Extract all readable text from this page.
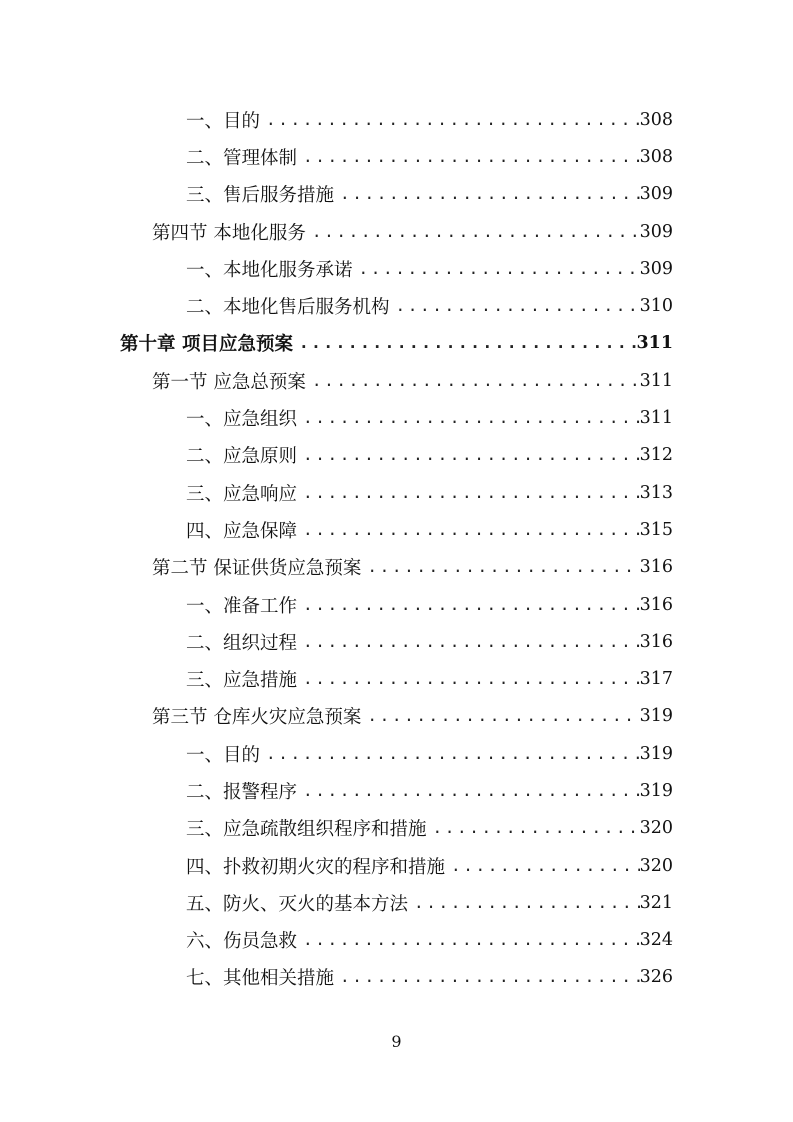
一、目的 .....	308
二、管理体制 .....	308
三、售后服务措施 .....	309
第四节 本地化服务 .....	309
一、本地化服务承诺 .....	309
二、本地化售后服务机构 .....	310
第十章 项目应急预案 .....	311
第一节 应急总预案 .....	311
一、应急组织 .....	311
二、应急原则 .....	312
三、应急响应 .....	313
四、应急保障 .....	315
第二节 保证供货应急预案 .....	316
一、准备工作 .....	316
二、组织过程 .....	316
三、应急措施 .....	317
第三节 仓库火灾应急预案 .....	319
一、目的 .....	319
二、报警程序 .....	319
三、应急疏散组织程序和措施 .....	320
四、扑救初期火灾的程序和措施 .....	320
五、防火、灭火的基本方法 .....	321
六、伤员急救 .....	324
七、其他相关措施 .....	326
9
